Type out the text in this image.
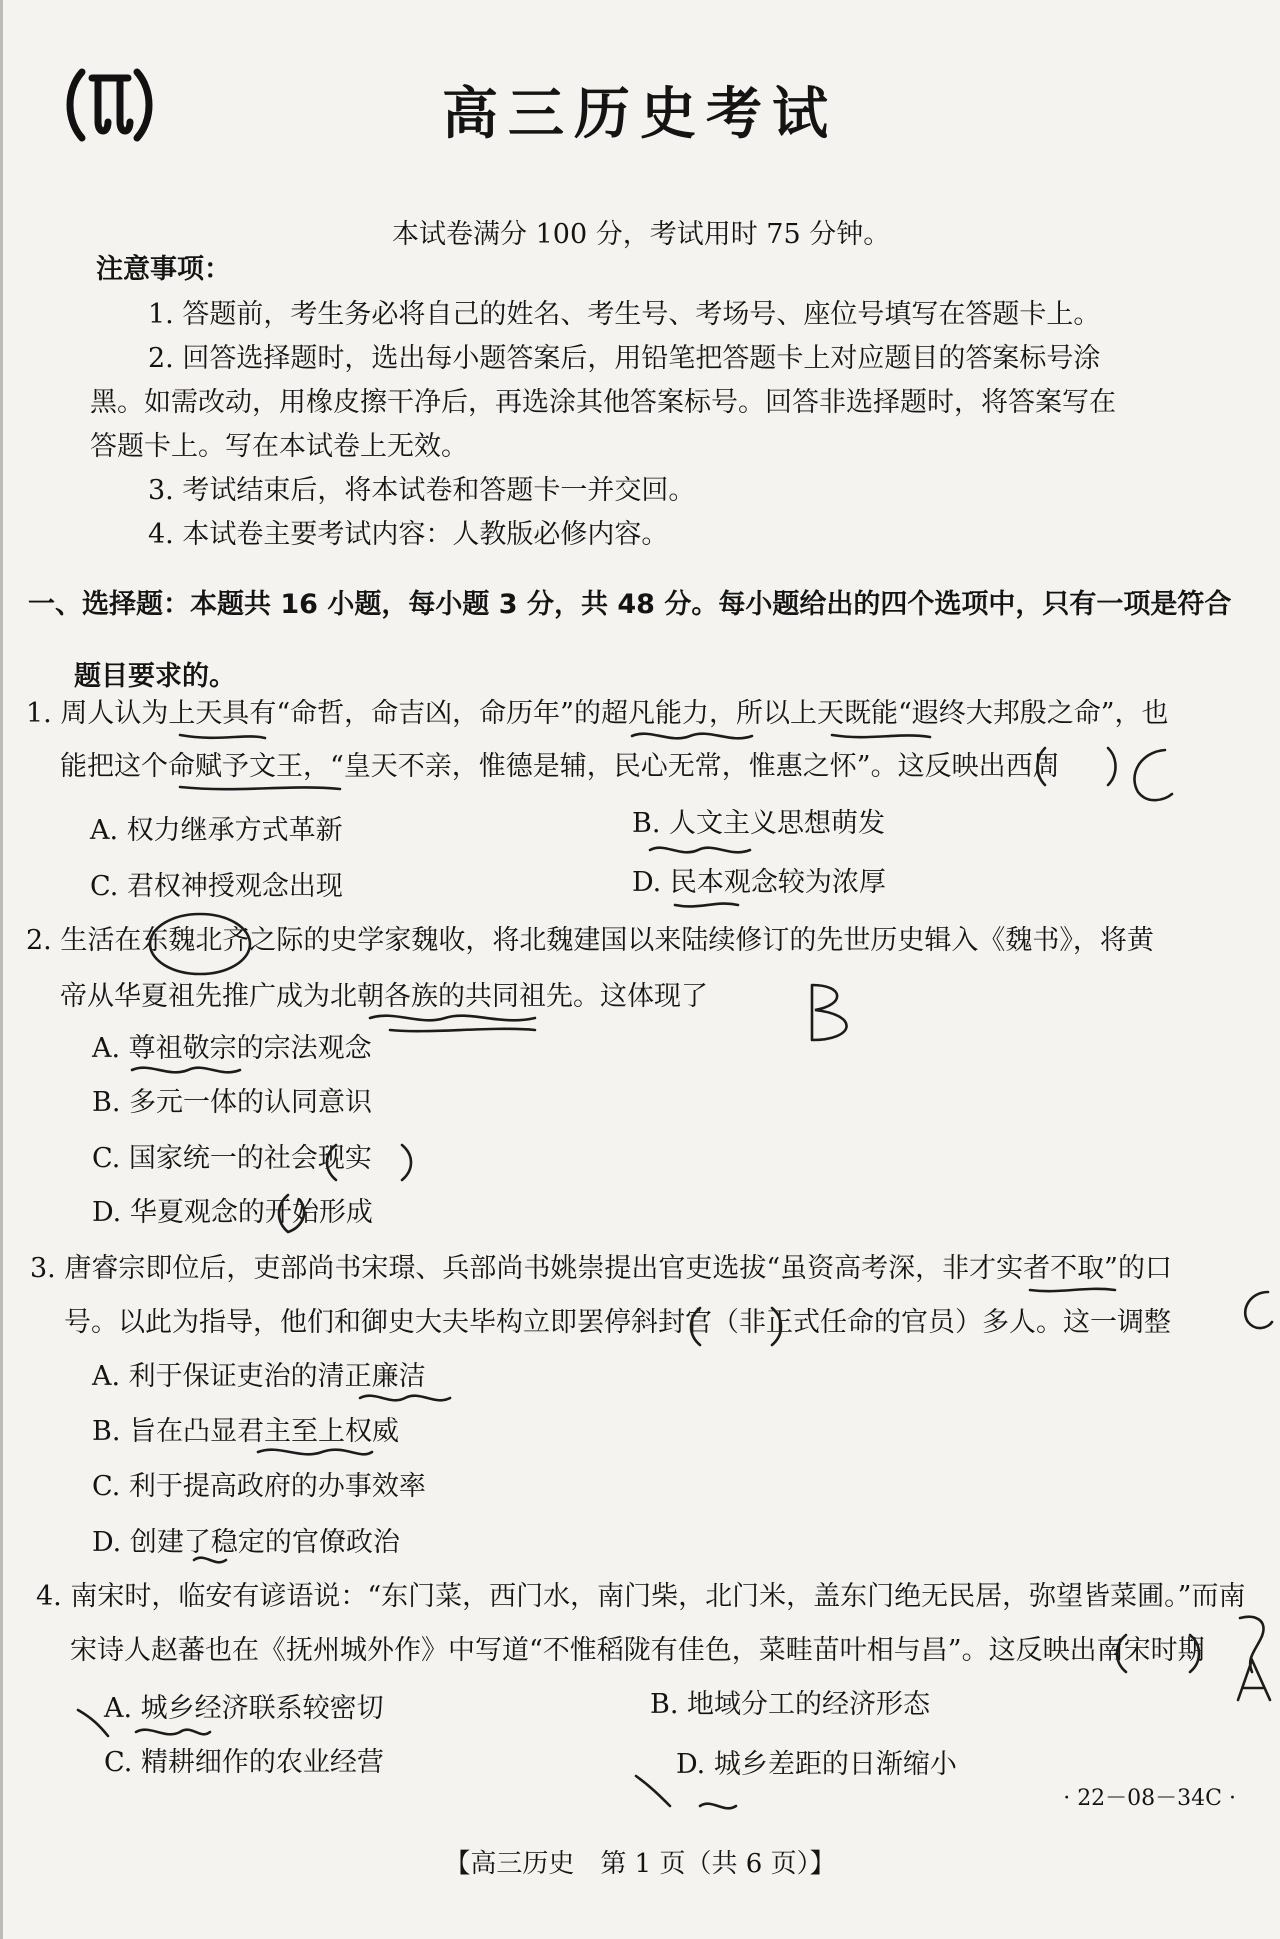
高三历史考试
本试卷满分 100 分，考试用时 75 分钟。
注意事项：
1. 答题前，考生务必将自己的姓名、考生号、考场号、座位号填写在答题卡上。
2. 回答选择题时，选出每小题答案后，用铅笔把答题卡上对应题目的答案标号涂
黑。如需改动，用橡皮擦干净后，再选涂其他答案标号。回答非选择题时，将答案写在
答题卡上。写在本试卷上无效。
3. 考试结束后，将本试卷和答题卡一并交回。
4. 本试卷主要考试内容：人教版必修内容。
一、选择题：本题共 16 小题，每小题 3 分，共 48 分。每小题给出的四个选项中，只有一项是符合
题目要求的。
1. 周人认为上天具有“命哲，命吉凶，命历年”的超凡能力，所以上天既能“遐终大邦殷之命”，也
能把这个命赋予文王，“皇天不亲，惟德是辅，民心无常，惟惠之怀”。这反映出西周
A. 权力继承方式革新	B. 人文主义思想萌发
C. 君权神授观念出现	D. 民本观念较为浓厚
2. 生活在东魏北齐之际的史学家魏收，将北魏建国以来陆续修订的先世历史辑入《魏书》，将黄
帝从华夏祖先推广成为北朝各族的共同祖先。这体现了
A. 尊祖敬宗的宗法观念
B. 多元一体的认同意识
C. 国家统一的社会现实
D. 华夏观念的开始形成
3. 唐睿宗即位后，吏部尚书宋璟、兵部尚书姚崇提出官吏选拔“虽资高考深，非才实者不取”的口
号。以此为指导，他们和御史大夫毕构立即罢停斜封官（非正式任命的官员）多人。这一调整
A. 利于保证吏治的清正廉洁
B. 旨在凸显君主至上权威
C. 利于提高政府的办事效率
D. 创建了稳定的官僚政治
4. 南宋时，临安有谚语说：“东门菜，西门水，南门柴，北门米，盖东门绝无民居，弥望皆菜圃。”而南
宋诗人赵蕃也在《抚州城外作》中写道“不惟稻陇有佳色，菜畦苗叶相与昌”。这反映出南宋时期
A. 城乡经济联系较密切	B. 地域分工的经济形态
C. 精耕细作的农业经营	D. 城乡差距的日渐缩小
· 22－08－34C ·
【高三历史　第 1 页（共 6 页）】
